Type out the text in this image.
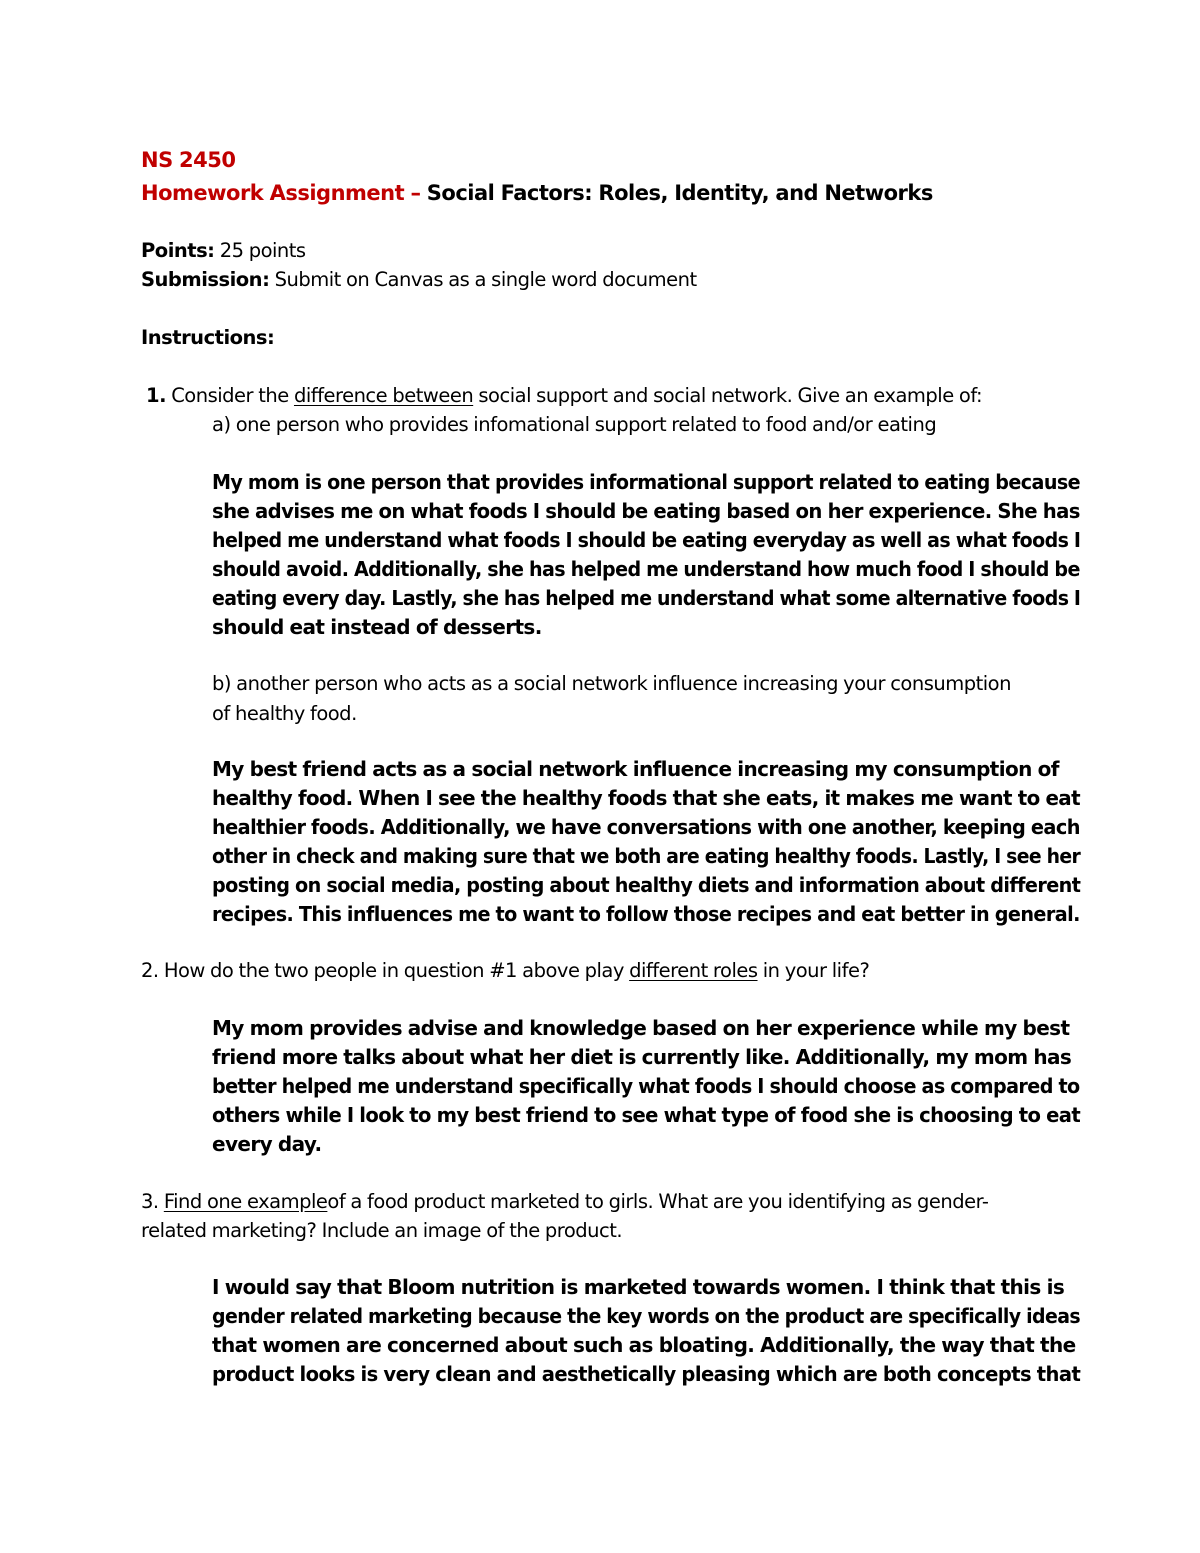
NS 2450
Homework Assignment – Social Factors: Roles, Identity, and Networks
Points: 25 points
Submission: Submit on Canvas as a single word document
Instructions:
1. Consider the difference between social support and social network. Give an example of:
a) one person who provides infomational support related to food and/or eating
My mom is one person that provides informational support related to eating because
she advises me on what foods I should be eating based on her experience. She has
helped me understand what foods I should be eating everyday as well as what foods I
should avoid. Additionally, she has helped me understand how much food I should be
eating every day. Lastly, she has helped me understand what some alternative foods I
should eat instead of desserts.
b) another person who acts as a social network influence increasing your consumption
of healthy food.
My best friend acts as a social network influence increasing my consumption of
healthy food. When I see the healthy foods that she eats, it makes me want to eat
healthier foods. Additionally, we have conversations with one another, keeping each
other in check and making sure that we both are eating healthy foods. Lastly, I see her
posting on social media, posting about healthy diets and information about different
recipes. This influences me to want to follow those recipes and eat better in general.
2. How do the two people in question #1 above play different roles in your life?
My mom provides advise and knowledge based on her experience while my best
friend more talks about what her diet is currently like. Additionally, my mom has
better helped me understand specifically what foods I should choose as compared to
others while I look to my best friend to see what type of food she is choosing to eat
every day.
3. Find one exampleof a food product marketed to girls. What are you identifying as gender-
related marketing? Include an image of the product.
I would say that Bloom nutrition is marketed towards women. I think that this is
gender related marketing because the key words on the product are specifically ideas
that women are concerned about such as bloating. Additionally, the way that the
product looks is very clean and aesthetically pleasing which are both concepts that
